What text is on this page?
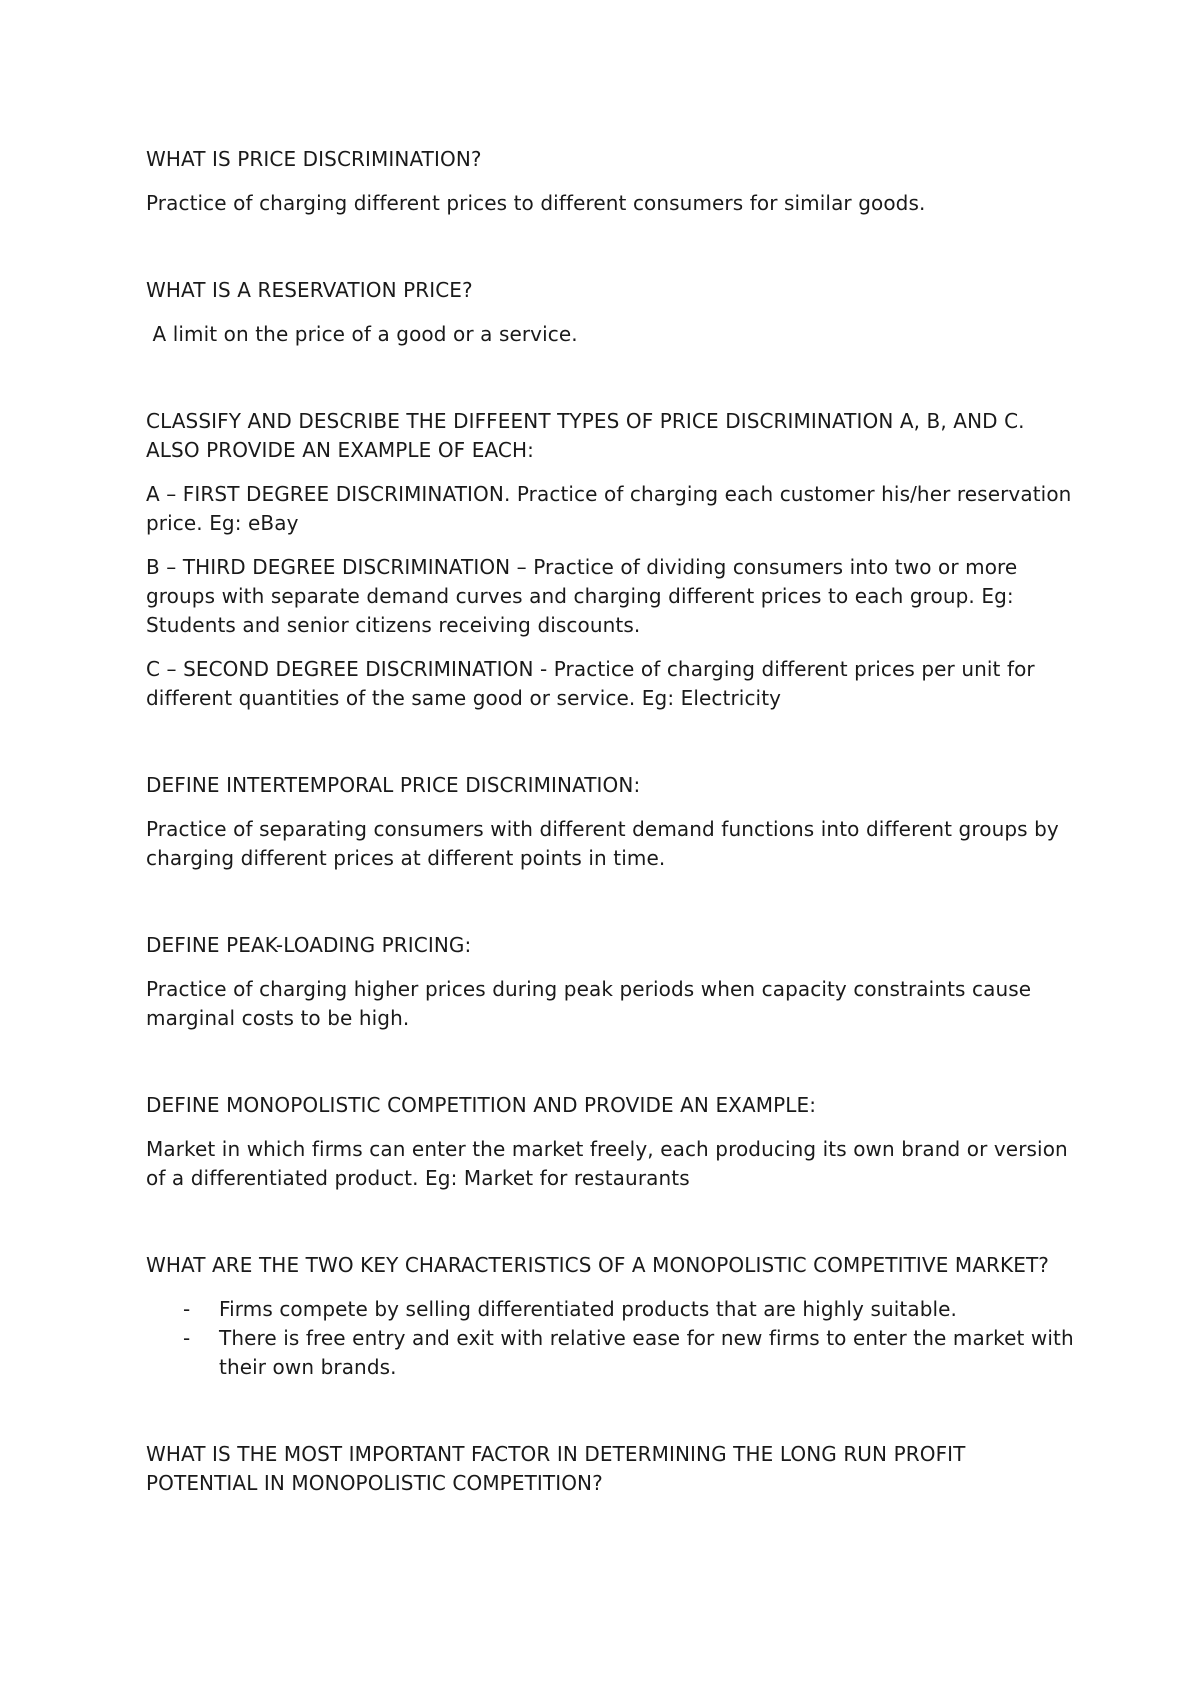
WHAT IS PRICE DISCRIMINATION?

Practice of charging different prices to different consumers for similar goods.

WHAT IS A RESERVATION PRICE?

A limit on the price of a good or a service.

CLASSIFY AND DESCRIBE THE DIFFEENT TYPES OF PRICE DISCRIMINATION A, B, AND C. ALSO PROVIDE AN EXAMPLE OF EACH:

A – FIRST DEGREE DISCRIMINATION. Practice of charging each customer his/her reservation price. Eg: eBay

B – THIRD DEGREE DISCRIMINATION – Practice of dividing consumers into two or more groups with separate demand curves and charging different prices to each group. Eg: Students and senior citizens receiving discounts.

C – SECOND DEGREE DISCRIMINATION - Practice of charging different prices per unit for different quantities of the same good or service. Eg: Electricity

DEFINE INTERTEMPORAL PRICE DISCRIMINATION:

Practice of separating consumers with different demand functions into different groups by charging different prices at different points in time.

DEFINE PEAK-LOADING PRICING:

Practice of charging higher prices during peak periods when capacity constraints cause marginal costs to be high.

DEFINE MONOPOLISTIC COMPETITION AND PROVIDE AN EXAMPLE:

Market in which firms can enter the market freely, each producing its own brand or version of a differentiated product. Eg: Market for restaurants

WHAT ARE THE TWO KEY CHARACTERISTICS OF A MONOPOLISTIC COMPETITIVE MARKET?

- Firms compete by selling differentiated products that are highly suitable.
- There is free entry and exit with relative ease for new firms to enter the market with their own brands.

WHAT IS THE MOST IMPORTANT FACTOR IN DETERMINING THE LONG RUN PROFIT POTENTIAL IN MONOPOLISTIC COMPETITION?
